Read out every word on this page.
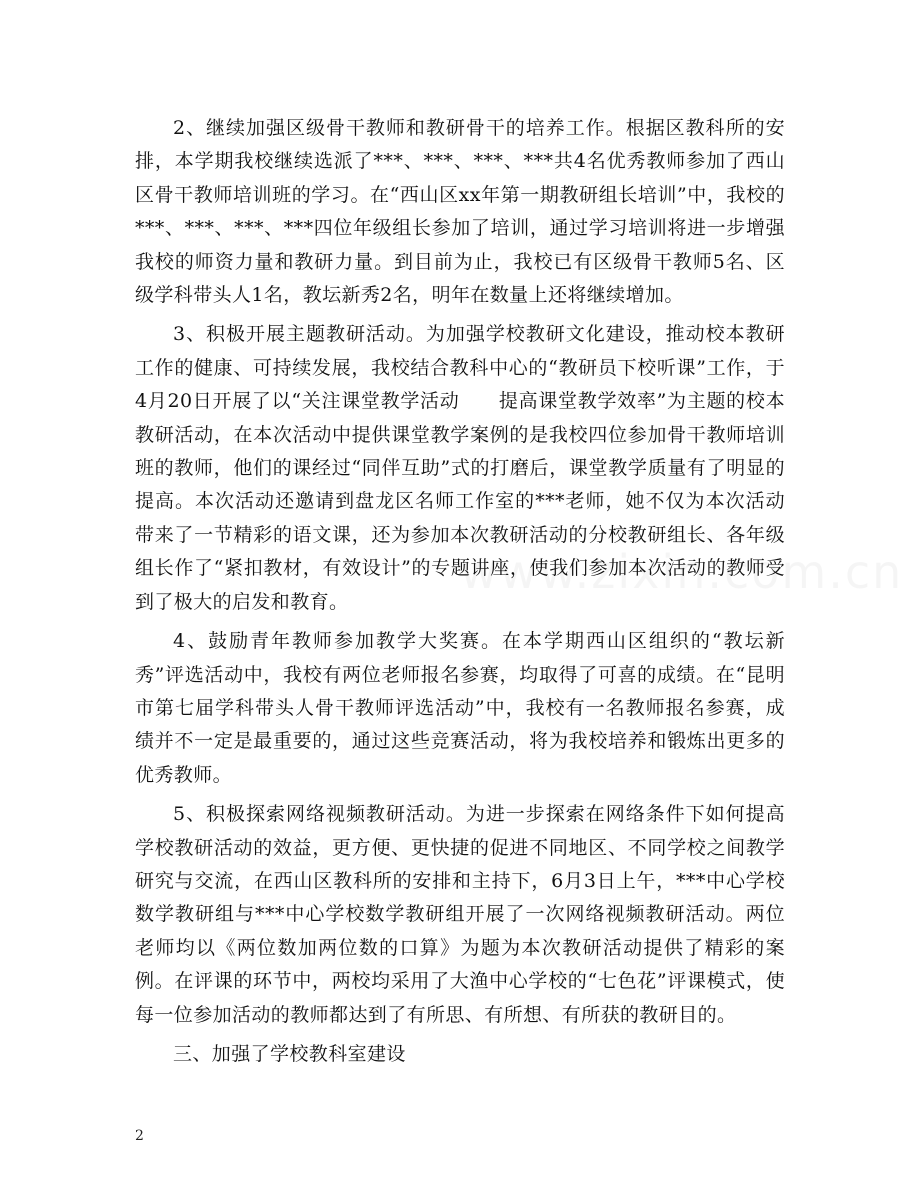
2、继续加强区级骨干教师和教研骨干的培养工作。根据区教科所的安排，本学期我校继续选派了***、***、***、***共4名优秀教师参加了西山区骨干教师培训班的学习。在“西山区xx年第一期教研组长培训”中，我校的***、***、***、***四位年级组长参加了培训，通过学习培训将进一步增强我校的师资力量和教研力量。到目前为止，我校已有区级骨干教师5名、区级学科带头人1名，教坛新秀2名，明年在数量上还将继续增加。

3、积极开展主题教研活动。为加强学校教研文化建设，推动校本教研工作的健康、可持续发展，我校结合教科中心的“教研员下校听课”工作，于4月20日开展了以“关注课堂教学活动　　提高课堂教学效率”为主题的校本教研活动，在本次活动中提供课堂教学案例的是我校四位参加骨干教师培训班的教师，他们的课经过“同伴互助”式的打磨后，课堂教学质量有了明显的提高。本次活动还邀请到盘龙区名师工作室的***老师，她不仅为本次活动带来了一节精彩的语文课，还为参加本次教研活动的分校教研组长、各年级组长作了“紧扣教材，有效设计”的专题讲座，使我们参加本次活动的教师受到了极大的启发和教育。

4、鼓励青年教师参加教学大奖赛。在本学期西山区组织的“教坛新秀”评选活动中，我校有两位老师报名参赛，均取得了可喜的成绩。在“昆明市第七届学科带头人骨干教师评选活动”中，我校有一名教师报名参赛，成绩并不一定是最重要的，通过这些竞赛活动，将为我校培养和锻炼出更多的优秀教师。

5、积极探索网络视频教研活动。为进一步探索在网络条件下如何提高学校教研活动的效益，更方便、更快捷的促进不同地区、不同学校之间教学研究与交流，在西山区教科所的安排和主持下，6月3日上午，***中心学校数学教研组与***中心学校数学教研组开展了一次网络视频教研活动。两位老师均以《两位数加两位数的口算》为题为本次教研活动提供了精彩的案例。在评课的环节中，两校均采用了大渔中心学校的“七色花”评课模式，使每一位参加活动的教师都达到了有所思、有所想、有所获的教研目的。

三、加强了学校教科室建设

2
